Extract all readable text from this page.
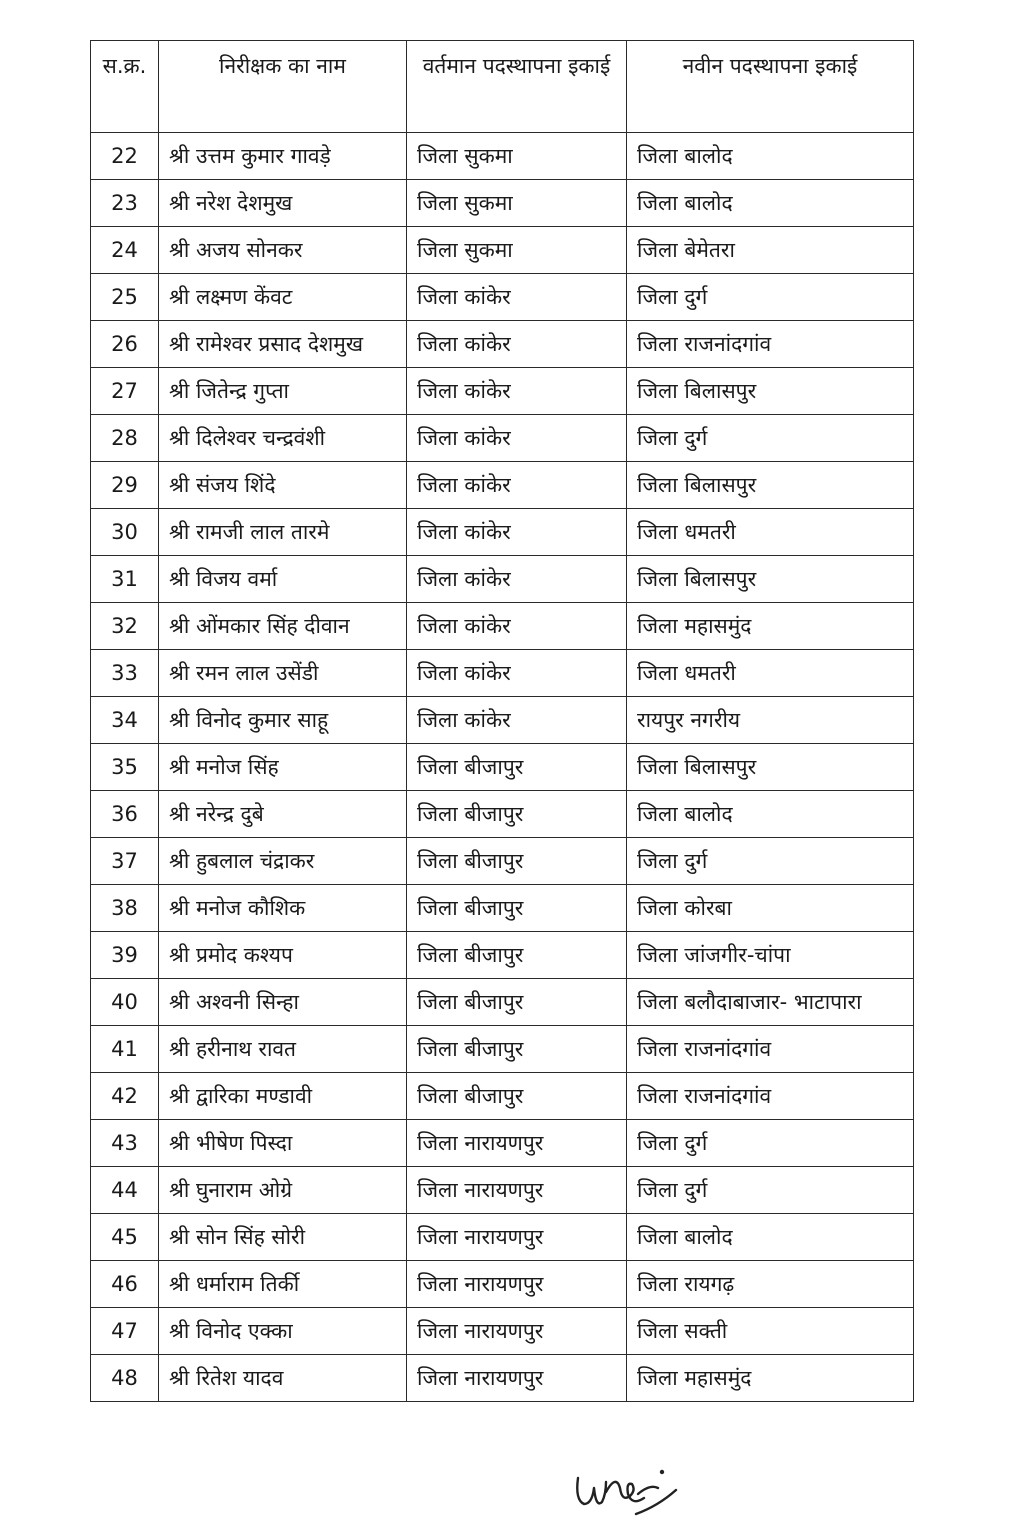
स.क्र.	निरीक्षक का नाम	वर्तमान पदस्थापना इकाई	नवीन पदस्थापना इकाई
22	श्री उत्तम कुमार गावड़े	जिला सुकमा	जिला बालोद
23	श्री नरेश देशमुख	जिला सुकमा	जिला बालोद
24	श्री अजय सोनकर	जिला सुकमा	जिला बेमेतरा
25	श्री लक्ष्मण केंवट	जिला कांकेर	जिला दुर्ग
26	श्री रामेश्वर प्रसाद देशमुख	जिला कांकेर	जिला राजनांदगांव
27	श्री जितेन्द्र गुप्ता	जिला कांकेर	जिला बिलासपुर
28	श्री दिलेश्वर चन्द्रवंशी	जिला कांकेर	जिला दुर्ग
29	श्री संजय शिंदे	जिला कांकेर	जिला बिलासपुर
30	श्री रामजी लाल तारमे	जिला कांकेर	जिला धमतरी
31	श्री विजय वर्मा	जिला कांकेर	जिला बिलासपुर
32	श्री ओंमकार सिंह दीवान	जिला कांकेर	जिला महासमुंद
33	श्री रमन लाल उसेंडी	जिला कांकेर	जिला धमतरी
34	श्री विनोद कुमार साहू	जिला कांकेर	रायपुर नगरीय
35	श्री मनोज सिंह	जिला बीजापुर	जिला बिलासपुर
36	श्री नरेन्द्र दुबे	जिला बीजापुर	जिला बालोद
37	श्री हुबलाल चंद्राकर	जिला बीजापुर	जिला दुर्ग
38	श्री मनोज कौशिक	जिला बीजापुर	जिला कोरबा
39	श्री प्रमोद कश्यप	जिला बीजापुर	जिला जांजगीर-चांपा
40	श्री अश्वनी सिन्हा	जिला बीजापुर	जिला बलौदाबाजार- भाटापारा
41	श्री हरीनाथ रावत	जिला बीजापुर	जिला राजनांदगांव
42	श्री द्वारिका मण्डावी	जिला बीजापुर	जिला राजनांदगांव
43	श्री भीषेण पिस्दा	जिला नारायणपुर	जिला दुर्ग
44	श्री घुनाराम ओग्रे	जिला नारायणपुर	जिला दुर्ग
45	श्री सोन सिंह सोरी	जिला नारायणपुर	जिला बालोद
46	श्री धर्माराम तिर्की	जिला नारायणपुर	जिला रायगढ़
47	श्री विनोद एक्का	जिला नारायणपुर	जिला सक्ती
48	श्री रितेश यादव	जिला नारायणपुर	जिला महासमुंद
